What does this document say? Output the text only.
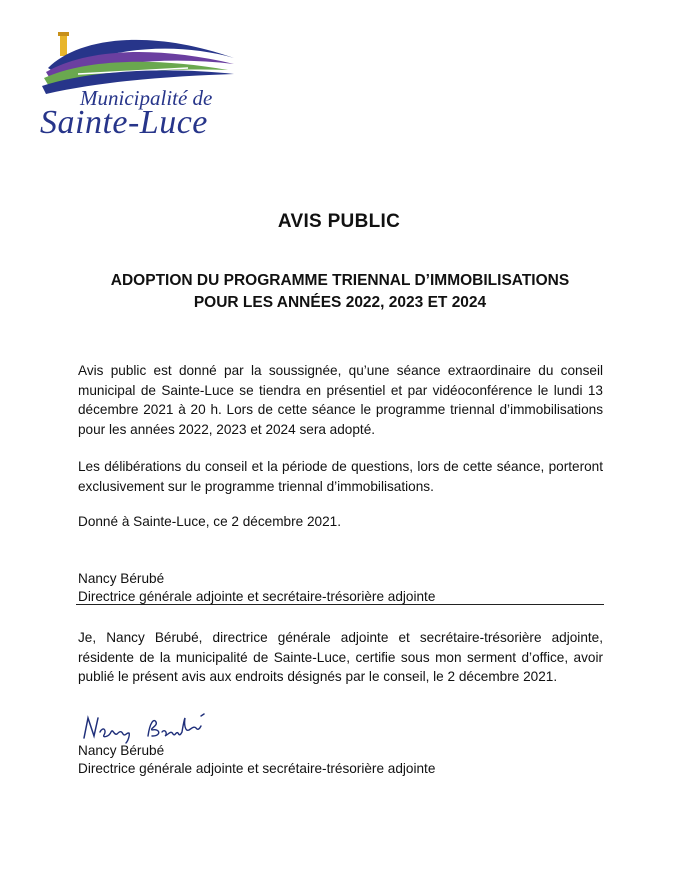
Municipalité de
Sainte-Luce
AVIS PUBLIC
ADOPTION DU PROGRAMME TRIENNAL D’IMMOBILISATIONS
POUR LES ANNÉES 2022, 2023 ET 2024

Avis public est donné par la soussignée, qu’une séance extraordinaire du conseil municipal de Sainte-Luce se tiendra en présentiel et par vidéoconférence le lundi 13 décembre 2021 à 20 h. Lors de cette séance le programme triennal d’immobilisations pour les années 2022, 2023 et 2024 sera adopté.

Les délibérations du conseil et la période de questions, lors de cette séance, porteront exclusivement sur le programme triennal d’immobilisations.

Donné à Sainte-Luce, ce 2 décembre 2021.

Nancy Bérubé
Directrice générale adjointe et secrétaire-trésorière adjointe

Je, Nancy Bérubé, directrice générale adjointe et secrétaire-trésorière adjointe, résidente de la municipalité de Sainte-Luce, certifie sous mon serment d’office, avoir publié le présent avis aux endroits désignés par le conseil, le 2 décembre 2021.

Nancy Bérubé
Directrice générale adjointe et secrétaire-trésorière adjointe
